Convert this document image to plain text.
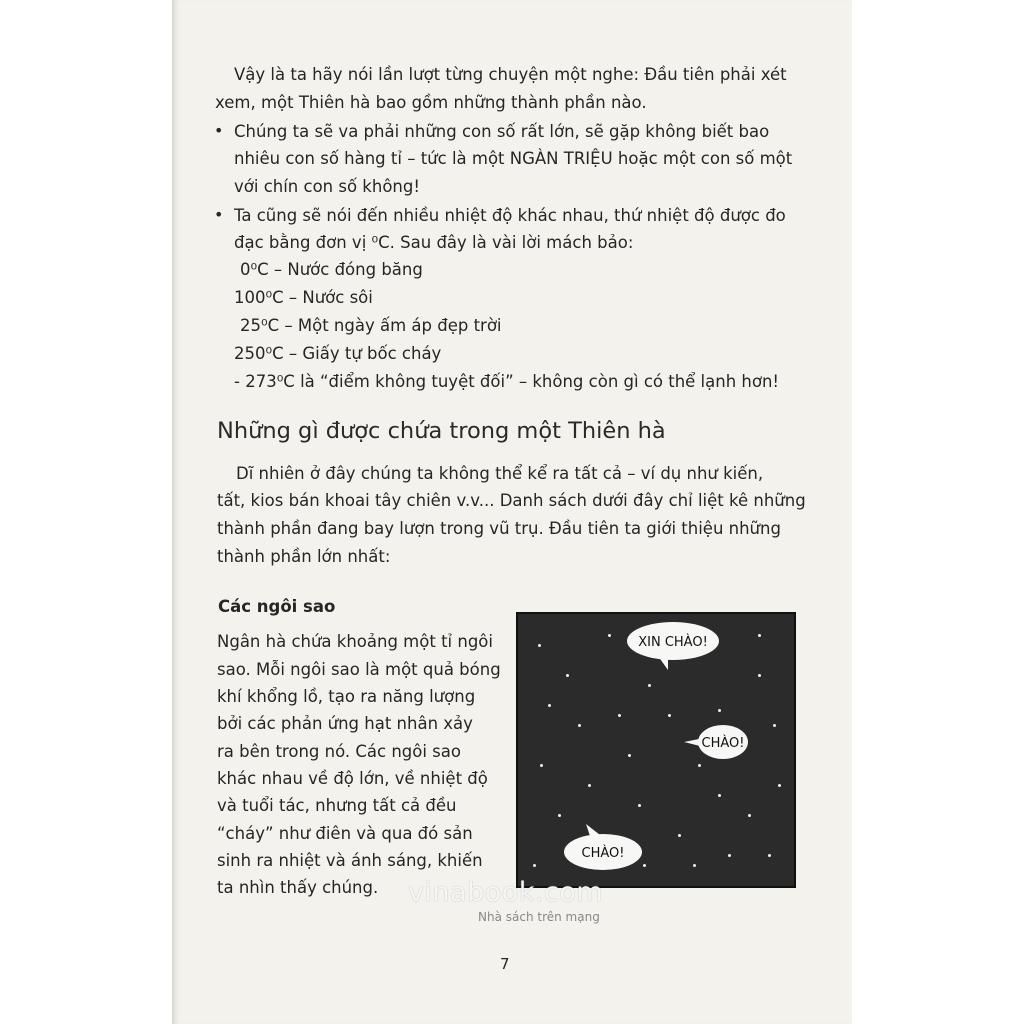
Vậy là ta hãy nói lần lượt từng chuyện một nghe: Đầu tiên phải xét
xem, một Thiên hà bao gồm những thành phần nào.
• Chúng ta sẽ va phải những con số rất lớn, sẽ gặp không biết bao
nhiêu con số hàng tỉ – tức là một NGÀN TRIỆU hoặc một con số một
với chín con số không!
• Ta cũng sẽ nói đến nhiều nhiệt độ khác nhau, thứ nhiệt độ được đo
đạc bằng đơn vị ⁰C. Sau đây là vài lời mách bảo:
0⁰C – Nước đóng băng
100⁰C – Nước sôi
25⁰C – Một ngày ấm áp đẹp trời
250⁰C – Giấy tự bốc cháy
- 273⁰C là “điểm không tuyệt đối” – không còn gì có thể lạnh hơn!
Những gì được chứa trong một Thiên hà
Dĩ nhiên ở đây chúng ta không thể kể ra tất cả – ví dụ như kiến,
tất, kios bán khoai tây chiên v.v... Danh sách dưới đây chỉ liệt kê những
thành phần đang bay lượn trong vũ trụ. Đầu tiên ta giới thiệu những
thành phần lớn nhất:
Các ngôi sao
Ngân hà chứa khoảng một tỉ ngôi
sao. Mỗi ngôi sao là một quả bóng
khí khổng lồ, tạo ra năng lượng
bởi các phản ứng hạt nhân xảy
ra bên trong nó. Các ngôi sao
khác nhau về độ lớn, về nhiệt độ
và tuổi tác, nhưng tất cả đều
“cháy” như điên và qua đó sản
sinh ra nhiệt và ánh sáng, khiến
ta nhìn thấy chúng.
XIN CHÀO!
CHÀO!
CHÀO!
vinabook.com
Nhà sách trên mạng
7
